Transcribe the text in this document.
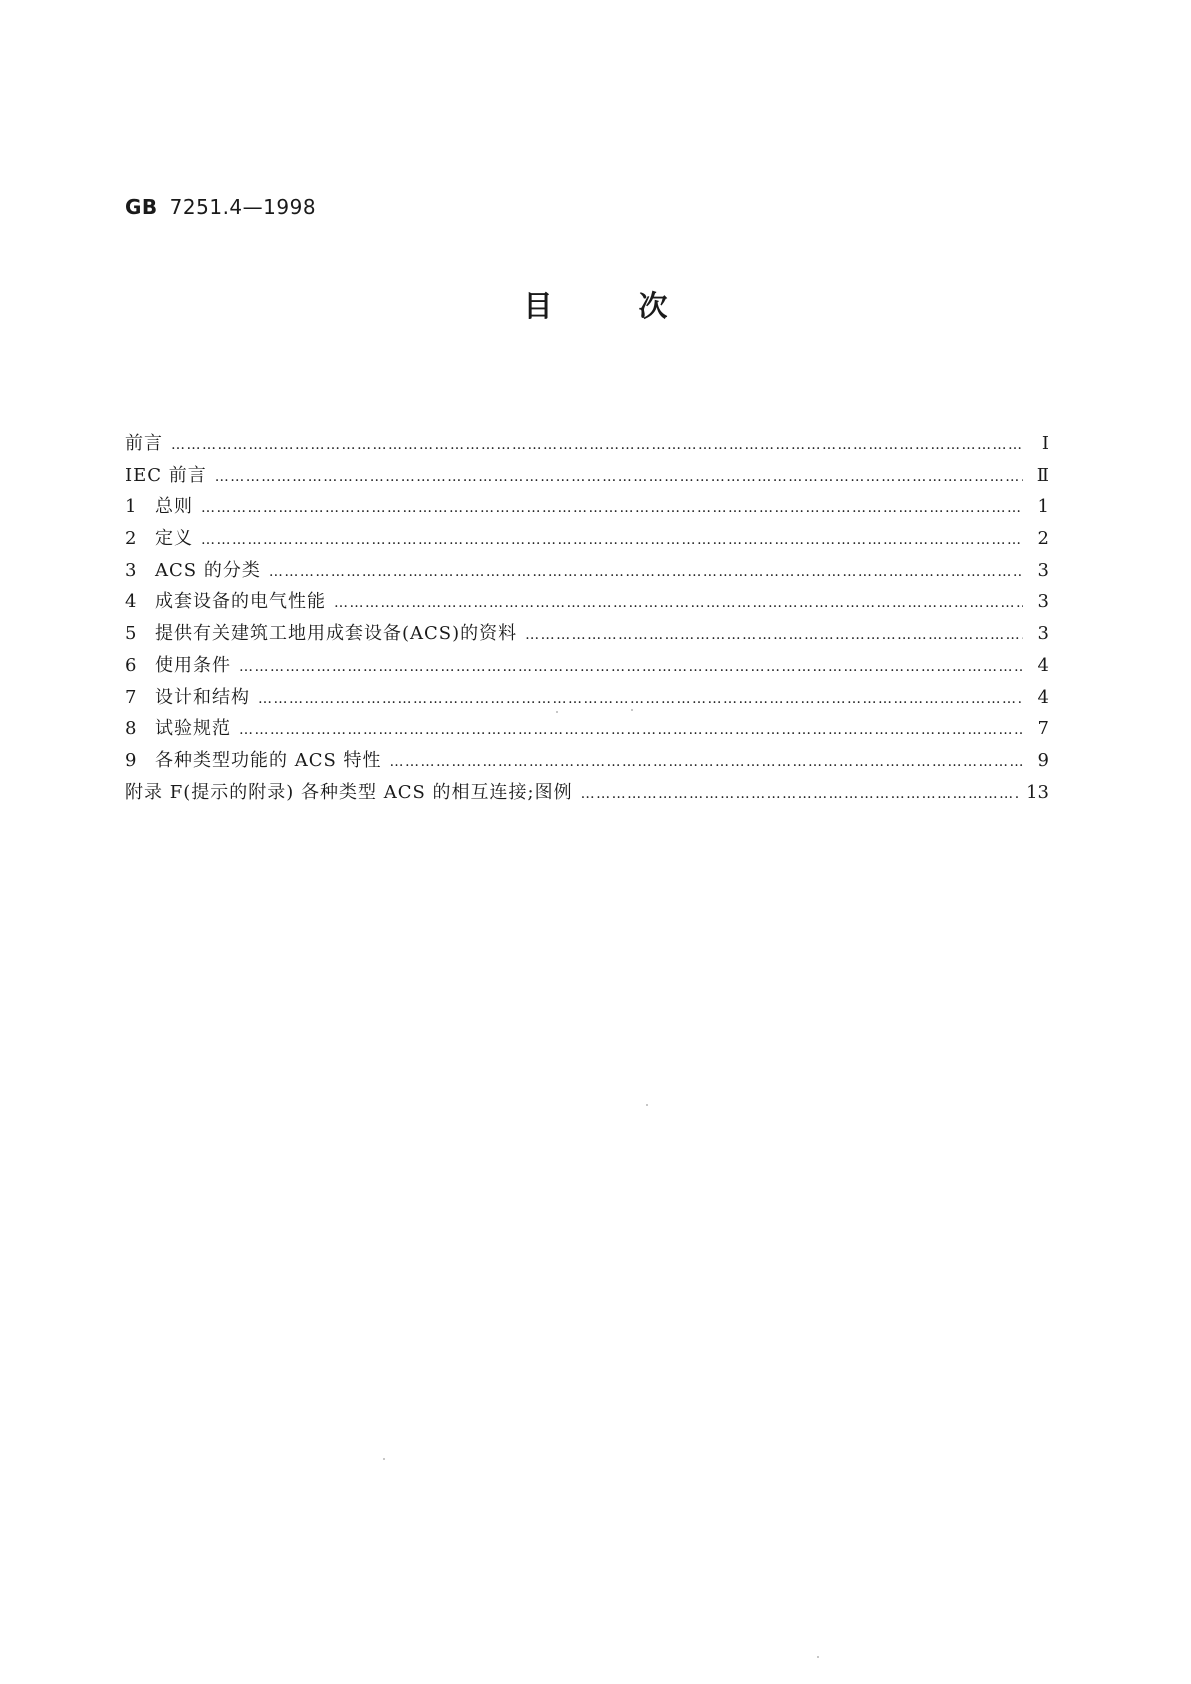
GB 7251.4—1998
目	次
前言 …………………………………………………………………………………………………………………………………………………………………………………………………	Ⅰ
IEC 前言 …………………………………………………………………………………………………………………………………………………………………………………………………	Ⅱ
1	总则 …………………………………………………………………………………………………………………………………………………………………………………………………	1
2	定义 …………………………………………………………………………………………………………………………………………………………………………………………………	2
3	ACS 的分类 …………………………………………………………………………………………………………………………………………………………………………………………………	3
4	成套设备的电气性能 …………………………………………………………………………………………………………………………………………………………………………………………………	3
5	提供有关建筑工地用成套设备(ACS)的资料 …………………………………………………………………………………………………………………………………………………………………………………………………	3
6	使用条件 …………………………………………………………………………………………………………………………………………………………………………………………………	4
7	设计和结构 …………………………………………………………………………………………………………………………………………………………………………………………………	4
8	试验规范 …………………………………………………………………………………………………………………………………………………………………………………………………	7
9	各种类型功能的 ACS 特性 …………………………………………………………………………………………………………………………………………………………………………………………………	9
附录 F(提示的附录) 各种类型 ACS 的相互连接;图例 …………………………………………………………………………………………………………………………………………………………………………………………………	13
